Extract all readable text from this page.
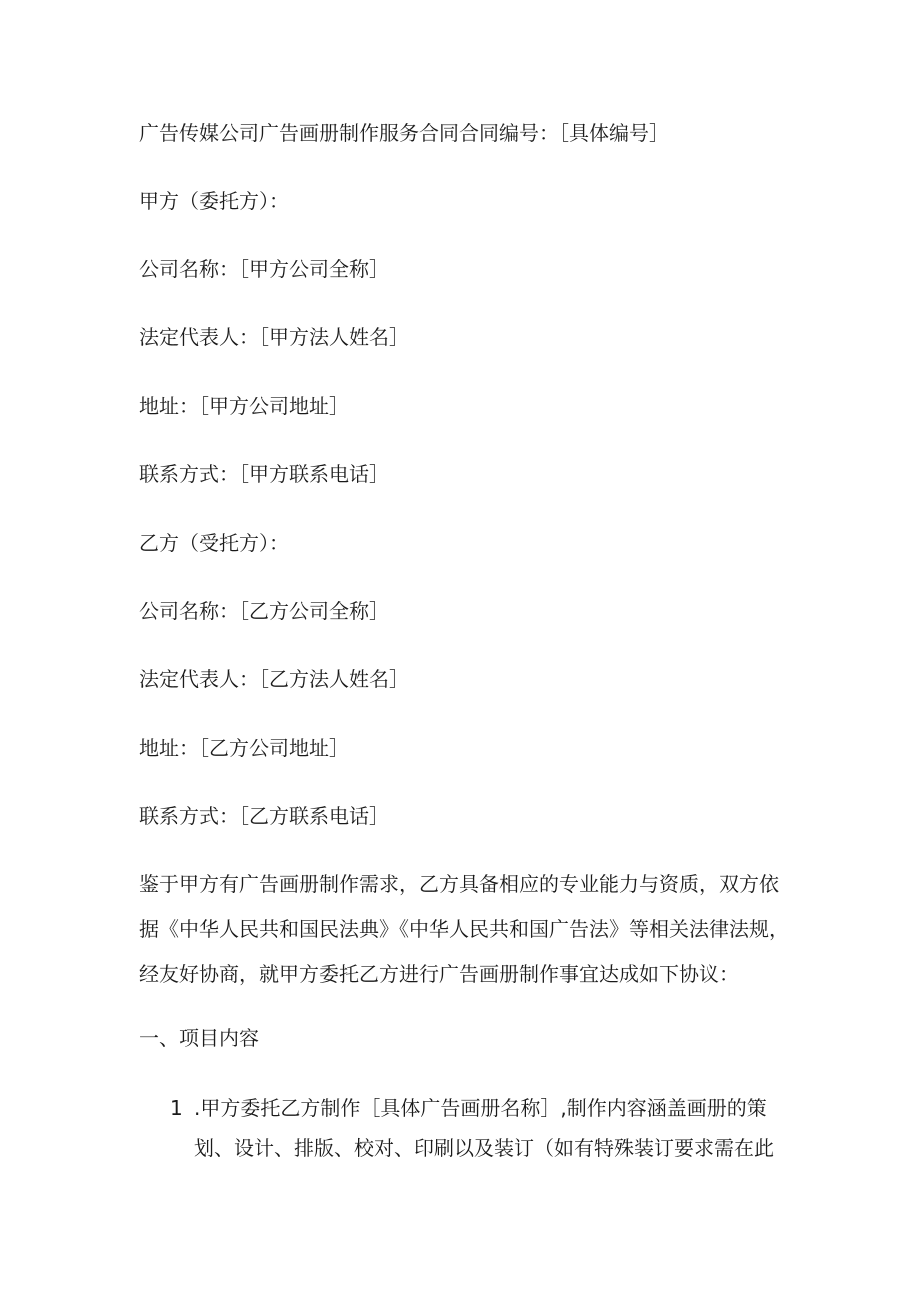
广告传媒公司广告画册制作服务合同合同编号：［具体编号］
甲方（委托方）：
公司名称：［甲方公司全称］
法定代表人：［甲方法人姓名］
地址：［甲方公司地址］
联系方式：［甲方联系电话］
乙方（受托方）：
公司名称：［乙方公司全称］
法定代表人：［乙方法人姓名］
地址：［乙方公司地址］
联系方式：［乙方联系电话］
鉴于甲方有广告画册制作需求，乙方具备相应的专业能力与资质，双方依
据《中华人民共和国民法典》《中华人民共和国广告法》等相关法律法规，
经友好协商，就甲方委托乙方进行广告画册制作事宜达成如下协议：
一、项目内容
1 .甲方委托乙方制作［具体广告画册名称］,制作内容涵盖画册的策
划、设计、排版、校对、印刷以及装订（如有特殊装订要求需在此
